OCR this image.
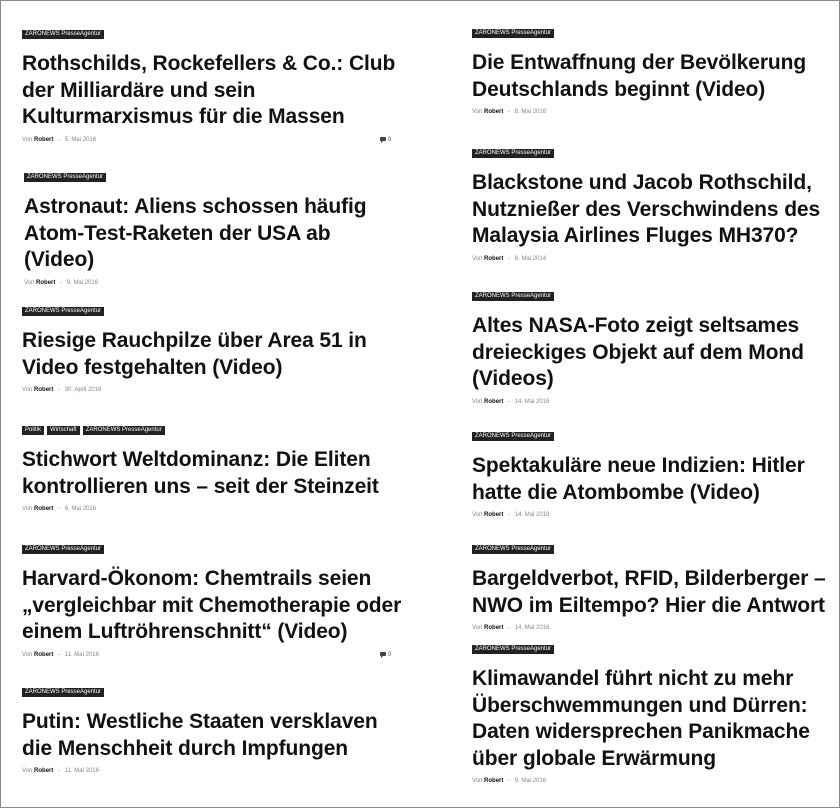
ZARONEWS PresseAgentur
Rothschilds, Rockefellers & Co.: Club der Milliardäre und sein Kulturmarxismus für die Massen
Von Robert - 5. Mai 2016	0
ZARONEWS PresseAgentur
Astronaut: Aliens schossen häufig Atom-Test-Raketen der USA ab (Video)
Von Robert - 9. Mai 2016
ZARONEWS PresseAgentur
Riesige Rauchpilze über Area 51 in Video festgehalten (Video)
Von Robert - 30. April 2016
Politik	Wirtschaft	ZARONEWS PresseAgentur
Stichwort Weltdominanz: Die Eliten kontrollieren uns – seit der Steinzeit
Von Robert - 6. Mai 2016
ZARONEWS PresseAgentur
Harvard-Ökonom: Chemtrails seien „vergleichbar mit Chemotherapie oder einem Luftröhrenschnitt“ (Video)
Von Robert - 11. Mai 2016	0
ZARONEWS PresseAgentur
Putin: Westliche Staaten versklaven die Menschheit durch Impfungen
Von Robert - 11. Mai 2016
ZARONEWS PresseAgentur
Die Entwaffnung der Bevölkerung Deutschlands beginnt (Video)
Von Robert - 8. Mai 2016
ZARONEWS PresseAgentur
Blackstone und Jacob Rothschild, Nutznießer des Verschwindens des Malaysia Airlines Fluges MH370?
Von Robert - 6. Mai 2014
ZARONEWS PresseAgentur
Altes NASA-Foto zeigt seltsames dreieckiges Objekt auf dem Mond (Videos)
Von Robert - 14. Mai 2016
ZARONEWS PresseAgentur
Spektakuläre neue Indizien: Hitler hatte die Atombombe (Video)
Von Robert - 14. Mai 2016
ZARONEWS PresseAgentur
Bargeldverbot, RFID, Bilderberger – NWO im Eiltempo? Hier die Antwort
Von Robert - 14. Mai 2016
ZARONEWS PresseAgentur
Klimawandel führt nicht zu mehr Überschwemmungen und Dürren: Daten widersprechen Panikmache über globale Erwärmung
Von Robert - 9. Mai 2016
